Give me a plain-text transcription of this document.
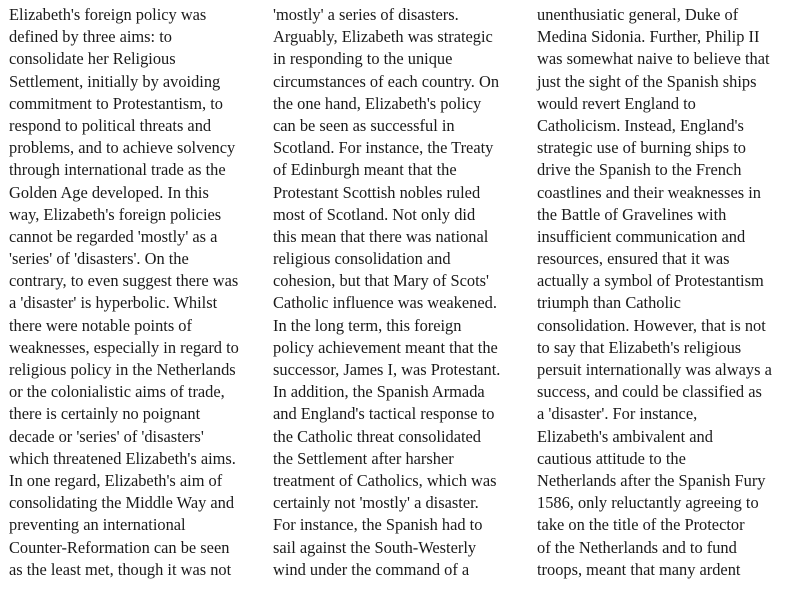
Elizabeth's foreign policy was
defined by three aims: to
consolidate her Religious
Settlement, initially by avoiding
commitment to Protestantism, to
respond to political threats and
problems, and to achieve solvency
through international trade as the
Golden Age developed. In this
way, Elizabeth's foreign policies
cannot be regarded 'mostly' as a
'series' of 'disasters'. On the
contrary, to even suggest there was
a 'disaster' is hyperbolic. Whilst
there were notable points of
weaknesses, especially in regard to
religious policy in the Netherlands
or the colonialistic aims of trade,
there is certainly no poignant
decade or 'series' of 'disasters'
which threatened Elizabeth's aims.
In one regard, Elizabeth's aim of
consolidating the Middle Way and
preventing an international
Counter-Reformation can be seen
as the least met, though it was not
'mostly' a series of disasters.
Arguably, Elizabeth was strategic
in responding to the unique
circumstances of each country. On
the one hand, Elizabeth's policy
can be seen as successful in
Scotland. For instance, the Treaty
of Edinburgh meant that the
Protestant Scottish nobles ruled
most of Scotland. Not only did
this mean that there was national
religious consolidation and
cohesion, but that Mary of Scots'
Catholic influence was weakened.
In the long term, this foreign
policy achievement meant that the
successor, James I, was Protestant.
In addition, the Spanish Armada
and England's tactical response to
the Catholic threat consolidated
the Settlement after harsher
treatment of Catholics, which was
certainly not 'mostly' a disaster.
For instance, the Spanish had to
sail against the South-Westerly
wind under the command of a
unenthusiatic general, Duke of
Medina Sidonia. Further, Philip II
was somewhat naive to believe that
just the sight of the Spanish ships
would revert England to
Catholicism. Instead, England's
strategic use of burning ships to
drive the Spanish to the French
coastlines and their weaknesses in
the Battle of Gravelines with
insufficient communication and
resources, ensured that it was
actually a symbol of Protestantism
triumph than Catholic
consolidation. However, that is not
to say that Elizabeth's religious
persuit internationally was always a
success, and could be classified as
a 'disaster'. For instance,
Elizabeth's ambivalent and
cautious attitude to the
Netherlands after the Spanish Fury
1586, only reluctantly agreeing to
take on the title of the Protector
of the Netherlands and to fund
troops, meant that many ardent
